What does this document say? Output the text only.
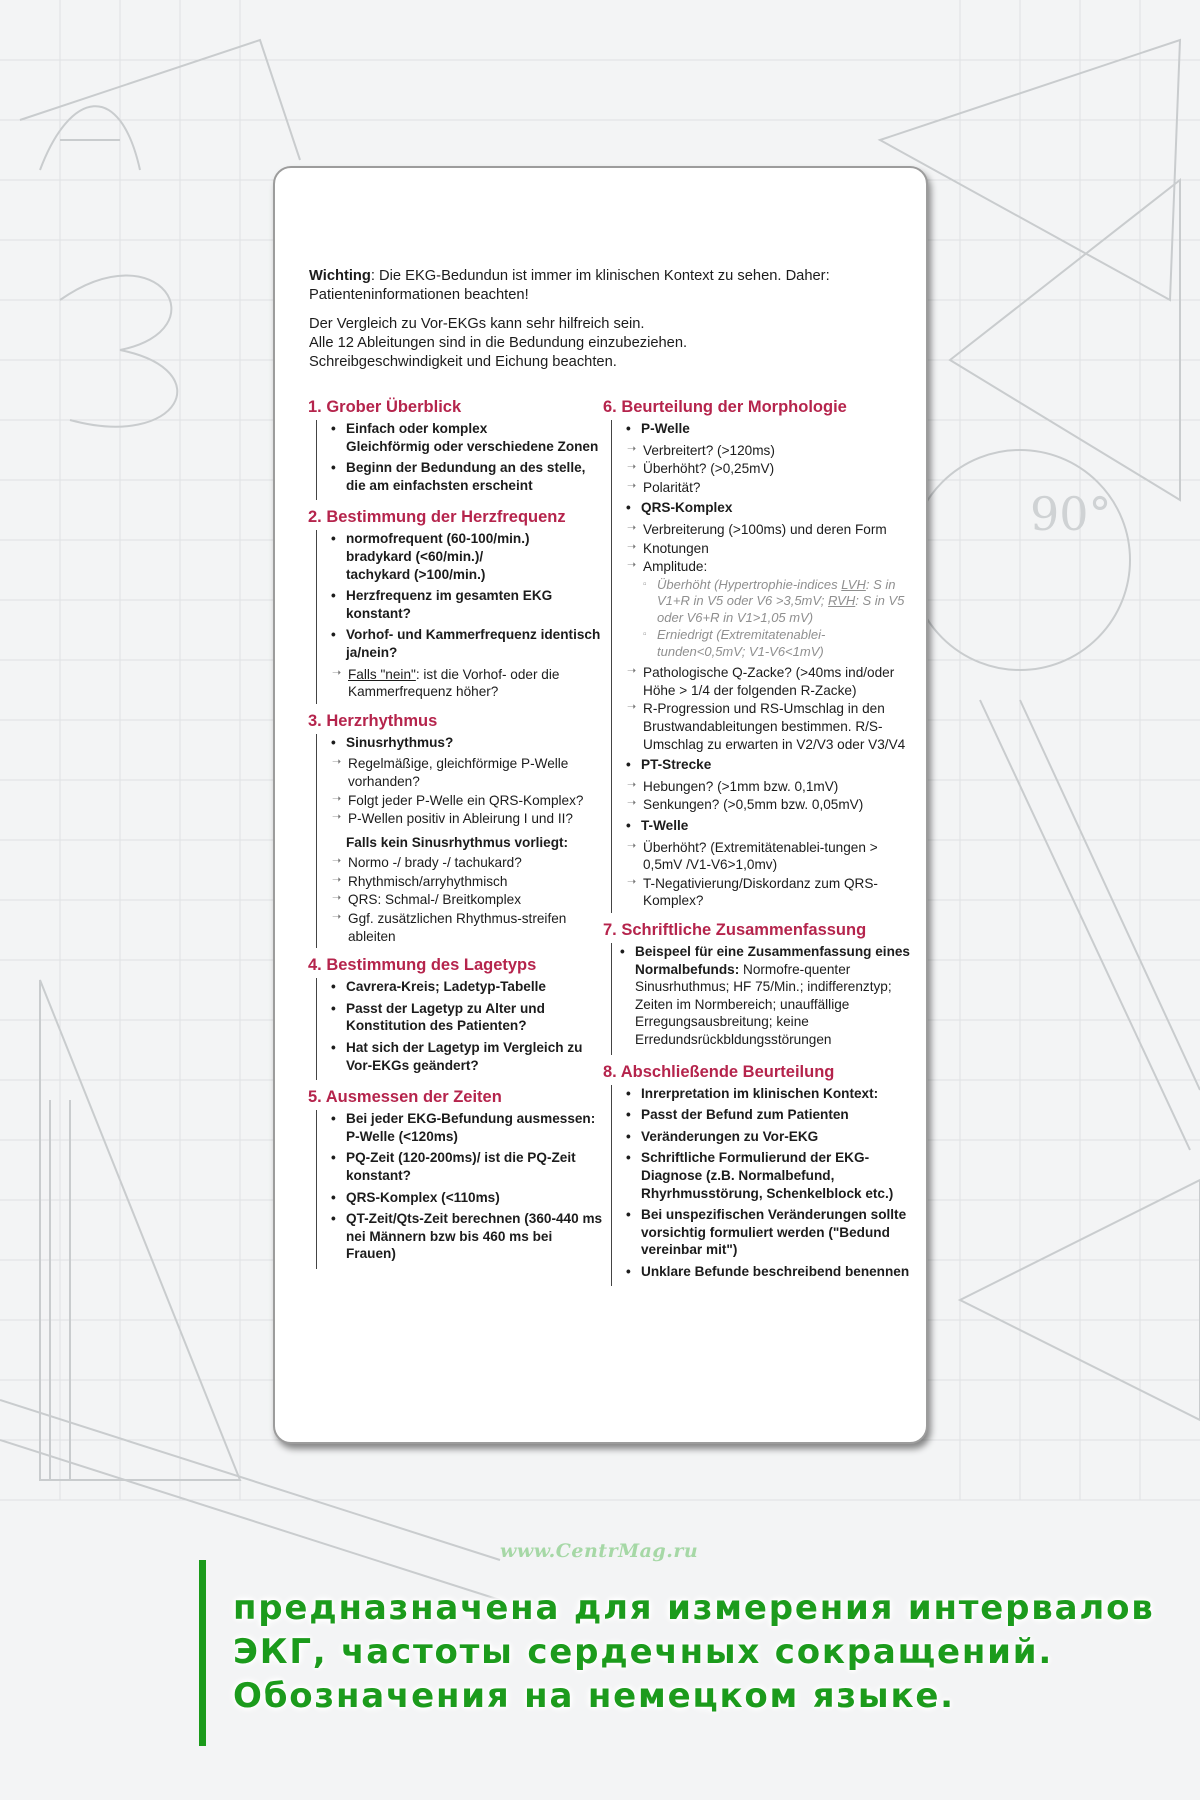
90°

Wichting: Die EKG-Bedundun ist immer im klinischen Kontext zu sehen. Daher: Patienteninformationen beachten!

Der Vergleich zu Vor-EKGs kann sehr hilfreich sein.
Alle 12 Ableitungen sind in die Bedundung einzubeziehen.
Schreibgeschwindigkeit und Eichung beachten.

1. Grober Überblick
• Einfach oder komplex
Gleichförmig oder verschiedene Zonen
• Beginn der Bedundung an des stelle, die am einfachsten erscheint
2. Bestimmung der Herzfrequenz
• normofrequent (60-100/min.)
bradykard (<60/min.)/
tachykard (>100/min.)
• Herzfrequenz im gesamten EKG konstant?
• Vorhof- und Kammerfrequenz identisch ja/nein?
➝ Falls "nein": ist die Vorhof- oder die Kammerfrequenz höher?
3. Herzrhythmus
• Sinusrhythmus?
➝ Regelmäßige, gleichförmige P-Welle vorhanden?
➝ Folgt jeder P-Welle ein QRS-Komplex?
➝ P-Wellen positiv in Ableirung I und II?
Falls kein Sinusrhythmus vorliegt:
➝ Normo -/ brady -/ tachukard?
➝ Rhythmisch/arryhythmisch
➝ QRS: Schmal-/ Breitkomplex
➝ Ggf. zusätzlichen Rhythmus-streifen ableiten
4. Bestimmung des Lagetyps
• Cavrera-Kreis; Ladetyp-Tabelle
• Passt der Lagetyp zu Alter und Konstitution des Patienten?
• Hat sich der Lagetyp im Vergleich zu Vor-EKGs geändert?
5. Ausmessen der Zeiten
• Bei jeder EKG-Befundung ausmessen: P-Welle (<120ms)
• PQ-Zeit (120-200ms)/ ist die PQ-Zeit konstant?
• QRS-Komplex (<110ms)
• QT-Zeit/Qts-Zeit berechnen (360-440 ms nei Männern bzw bis 460 ms bei Frauen)
6. Beurteilung der Morphologie
• P-Welle
➝ Verbreitert? (>120ms)
➝ Überhöht? (>0,25mV)
➝ Polarität?
• QRS-Komplex
➝ Verbreiterung (>100ms) und deren Form
➝ Knotungen
➝ Amplitude:
▫ Überhöht (Hypertrophie-indices LVH: S in V1+R in V5 oder V6 >3,5mV; RVH: S in V5 oder V6+R in V1>1,05 mV)
▫ Erniedrigt (Extremitatenablei-tunden<0,5mV; V1-V6<1mV)
➝ Pathologische Q-Zacke? (>40ms ind/oder Höhe > 1/4 der folgenden R-Zacke)
➝ R-Progression und RS-Umschlag in den Brustwandableitungen bestimmen. R/S-Umschlag zu erwarten in V2/V3 oder V3/V4
• PT-Strecke
➝ Hebungen? (>1mm bzw. 0,1mV)
➝ Senkungen? (>0,5mm bzw. 0,05mV)
• T-Welle
➝ Überhöht? (Extremitätenablei-tungen > 0,5mV /V1-V6>1,0mv)
➝ T-Negativierung/Diskordanz zum QRS-Komplex?
7. Schriftliche Zusammenfassung
• Beispeel für eine Zusammenfassung eines Normalbefunds: Normofre-quenter Sinusrhuthmus; HF 75/Min.; indifferenztyp; Zeiten im Normbereich; unauffällige Erregungsausbreitung; keine Erredundsrückbldungsstörungen
8. Abschließende Beurteilung
• Inrerpretation im klinischen Kontext:
• Passt der Befund zum Patienten
• Veränderungen zu Vor-EKG
• Schriftliche Formulierund der EKG-Diagnose (z.B. Normalbefund, Rhyrhmusstörung, Schenkelblock etc.)
• Bei unspezifischen Veränderungen sollte vorsichtig formuliert werden ("Bedund vereinbar mit")
• Unklare Befunde beschreibend benennen
www.CentrMag.ru
предназначена для измерения интервалов ЭКГ, частоты сердечных сокращений. Обозначения на немецком языке.
